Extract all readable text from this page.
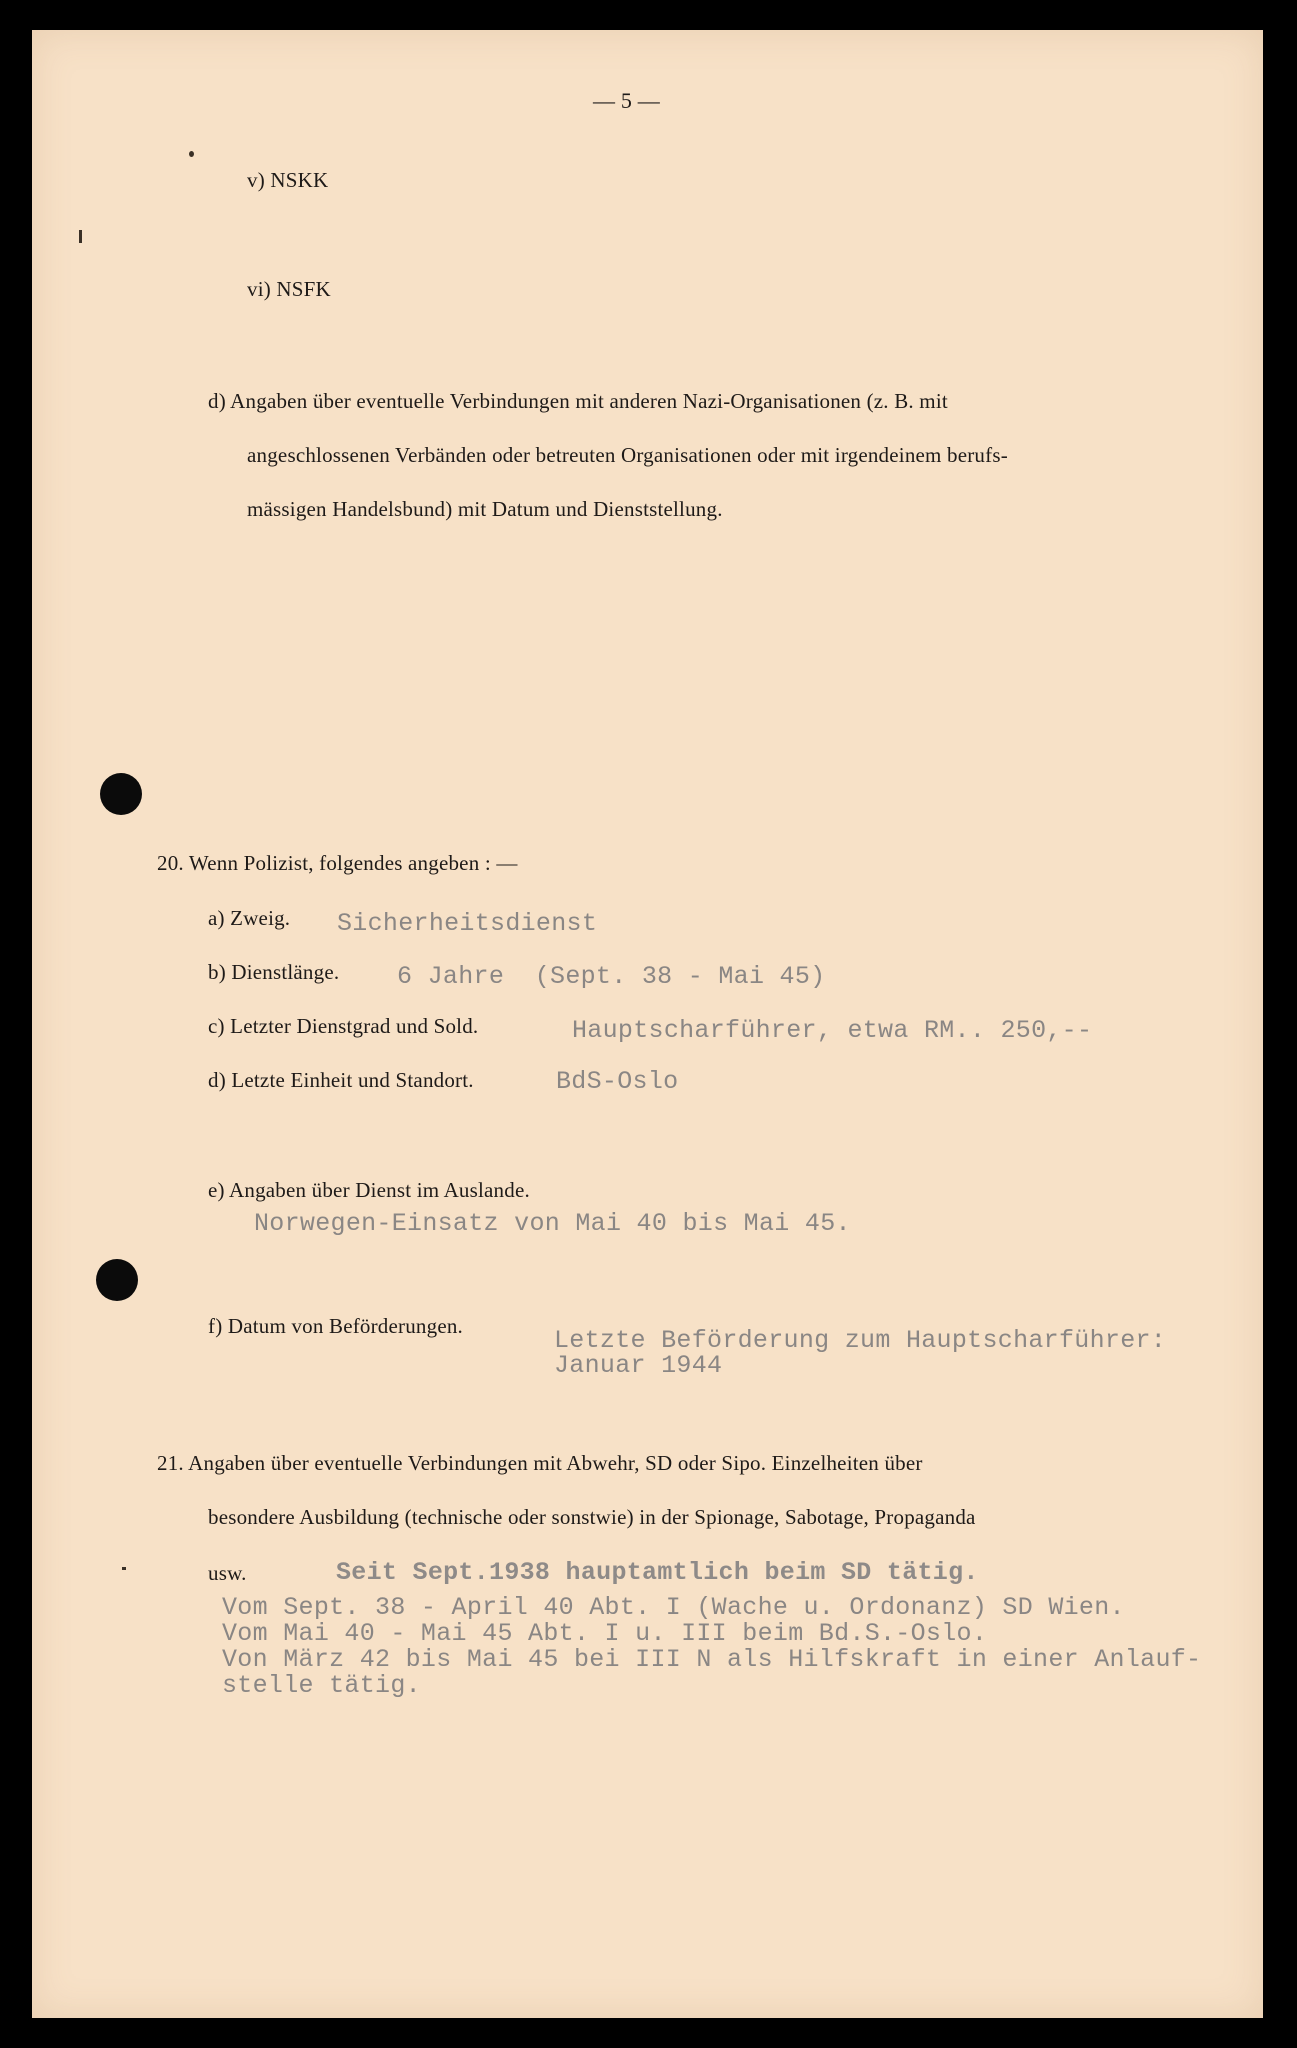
— 5 —
v) NSKK
vi) NSFK
d) Angaben über eventuelle Verbindungen mit anderen Nazi-Organisationen (z. B. mit
angeschlossenen Verbänden oder betreuten Organisationen oder mit irgendeinem berufs-
mässigen Handelsbund) mit Datum und Dienststellung.
20. Wenn Polizist, folgendes angeben : —
a) Zweig. Sicherheitsdienst
b) Dienstlänge. 6 Jahre  (Sept. 38 - Mai 45)
c) Letzter Dienstgrad und Sold.	Hauptscharführer, etwa RM.. 250,--
d) Letzte Einheit und Standort.	BdS-Oslo
e) Angaben über Dienst im Auslande.
Norwegen-Einsatz von Mai 40 bis Mai 45.
f) Datum von Beförderungen.	Letzte Beförderung zum Hauptscharführer:
Januar 1944
21. Angaben über eventuelle Verbindungen mit Abwehr, SD oder Sipo. Einzelheiten über
besondere Ausbildung (technische oder sonstwie) in der Spionage, Sabotage, Propaganda
usw.	Seit Sept.1938 hauptamtlich beim SD tätig.
Vom Sept. 38 - April 40 Abt. I (Wache u. Ordonanz) SD Wien.
Vom Mai 40 - Mai 45 Abt. I u. III beim Bd.S.-Oslo.
Von März 42 bis Mai 45 bei III N als Hilfskraft in einer Anlauf-
stelle tätig.
